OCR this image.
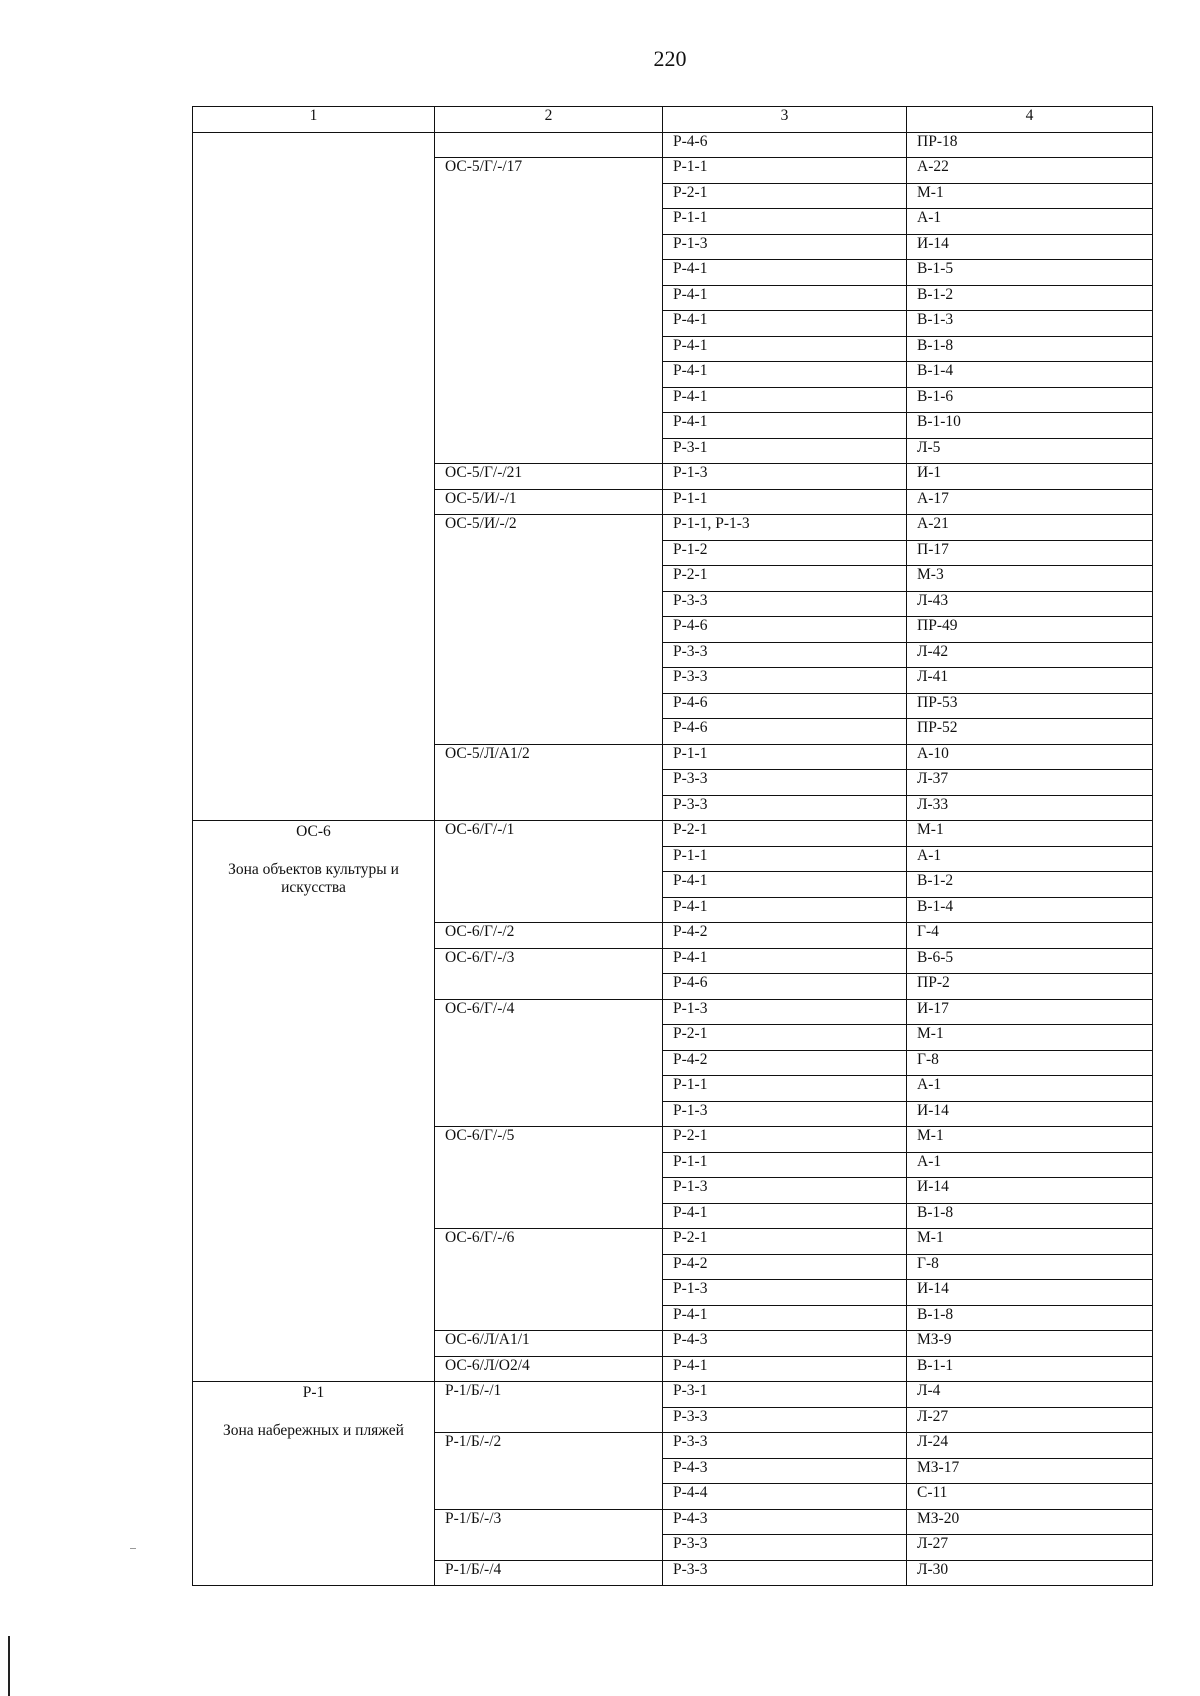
220
1	2	3	4

		Р-4-6	ПР-18
	ОС-5/Г/-/17	Р-1-1	А-22
		Р-2-1	М-1
		Р-1-1	А-1
		Р-1-3	И-14
		Р-4-1	В-1-5
		Р-4-1	В-1-2
		Р-4-1	В-1-3
		Р-4-1	В-1-8
		Р-4-1	В-1-4
		Р-4-1	В-1-6
		Р-4-1	В-1-10
		Р-3-1	Л-5
	ОС-5/Г/-/21	Р-1-3	И-1
	ОС-5/И/-/1	Р-1-1	А-17
	ОС-5/И/-/2	Р-1-1, Р-1-3	А-21
		Р-1-2	П-17
		Р-2-1	М-3
		Р-3-3	Л-43
		Р-4-6	ПР-49
		Р-3-3	Л-42
		Р-3-3	Л-41
		Р-4-6	ПР-53
		Р-4-6	ПР-52
	ОС-5/Л/А1/2	Р-1-1	А-10
		Р-3-3	Л-37
		Р-3-3	Л-33

ОС-6
Зона объектов культуры и искусства	ОС-6/Г/-/1	Р-2-1	М-1
		Р-1-1	А-1
		Р-4-1	В-1-2
		Р-4-1	В-1-4
	ОС-6/Г/-/2	Р-4-2	Г-4
	ОС-6/Г/-/3	Р-4-1	В-6-5
		Р-4-6	ПР-2
	ОС-6/Г/-/4	Р-1-3	И-17
		Р-2-1	М-1
		Р-4-2	Г-8
		Р-1-1	А-1
		Р-1-3	И-14
	ОС-6/Г/-/5	Р-2-1	М-1
		Р-1-1	А-1
		Р-1-3	И-14
		Р-4-1	В-1-8
	ОС-6/Г/-/6	Р-2-1	М-1
		Р-4-2	Г-8
		Р-1-3	И-14
		Р-4-1	В-1-8
	ОС-6/Л/А1/1	Р-4-3	МЗ-9
	ОС-6/Л/О2/4	Р-4-1	В-1-1

Р-1
Зона набережных и пляжей	Р-1/Б/-/1	Р-3-1	Л-4
		Р-3-3	Л-27
	Р-1/Б/-/2	Р-3-3	Л-24
		Р-4-3	МЗ-17
		Р-4-4	С-11
	Р-1/Б/-/3	Р-4-3	МЗ-20
		Р-3-3	Л-27
	Р-1/Б/-/4	Р-3-3	Л-30
